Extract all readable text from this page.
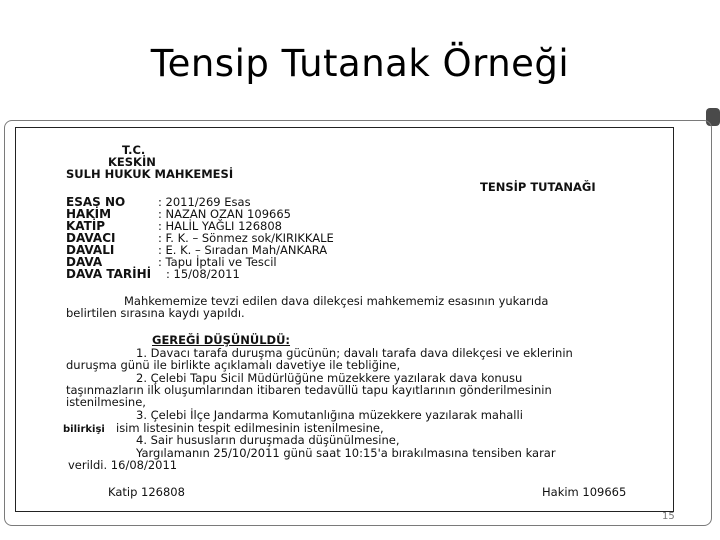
Tensip Tutanak Örneği
T.C.
KESKİN
SULH HUKUK MAHKEMESİ
TENSİP TUTANAĞI
ESAS NO	: 2011/269 Esas
HAKİM	: NAZAN OZAN 109665
KATİP	: HALİL YAĞLI 126808
DAVACI	: F. K. – Sönmez sok/KIRIKKALE
DAVALI	: E. K. – Sıradan Mah/ANKARA
DAVA	: Tapu İptali ve Tescil
DAVA TARİHİ : 15/08/2011
Mahkememize tevzi edilen dava dilekçesi mahkememiz esasının yukarıda
belirtilen sırasına kaydı yapıldı.
GEREĞİ DÜŞÜNÜLDÜ:
1. Davacı tarafa duruşma gücünün; davalı tarafa dava dilekçesi ve eklerinin
duruşma günü ile birlikte açıklamalı davetiye ile tebliğine,
2. Çelebi Tapu Sicil Müdürlüğüne müzekkere yazılarak dava konusu
taşınmazların ilk oluşumlarından itibaren tedavüllü tapu kayıtlarının gönderilmesinin
istenilmesine,
3. Çelebi İlçe Jandarma Komutanlığına müzekkere yazılarak mahalli
bilirkişi isim listesinin tespit edilmesinin istenilmesine,
4. Sair hususların duruşmada düşünülmesine,
Yargılamanın 25/10/2011 günü saat 10:15'a bırakılmasına tensiben karar
verildi. 16/08/2011
Katip 126808	Hakim 109665
15
